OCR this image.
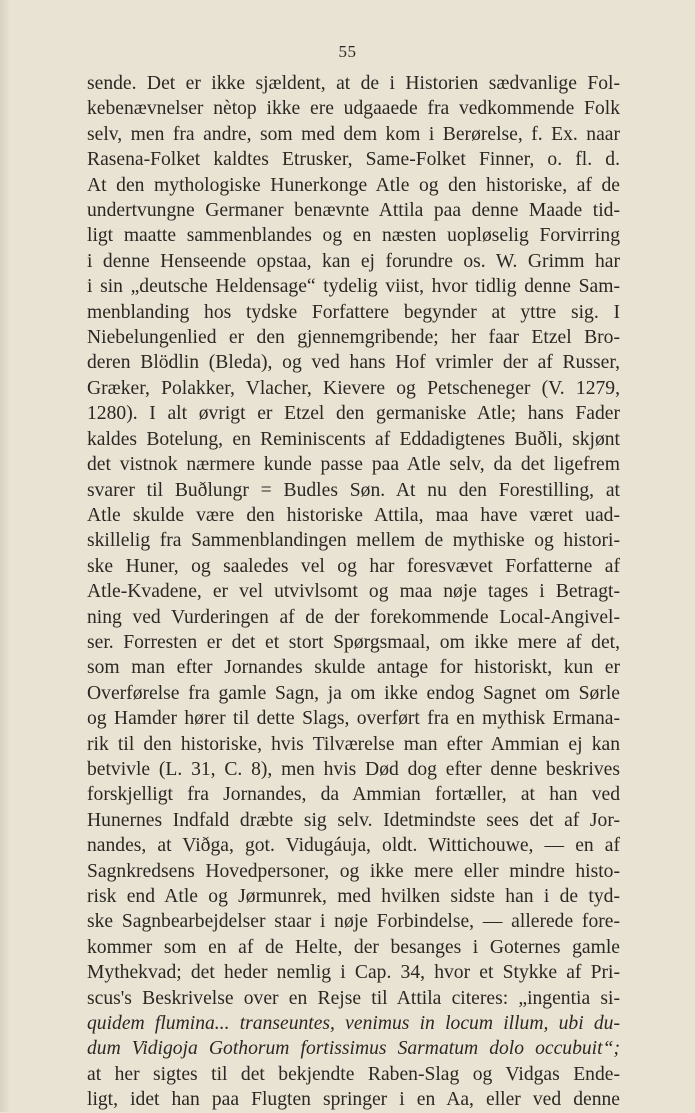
55
sende. Det er ikke sjældent, at de i Historien sædvanlige Fol-
kebenævnelser nètop ikke ere udgaaede fra vedkommende Folk
selv, men fra andre, som med dem kom i Berørelse, f. Ex. naar
Rasena-Folket kaldtes Etrusker, Same-Folket Finner, o. fl. d.
At den mythologiske Hunerkonge Atle og den historiske, af de
undertvungne Germaner benævnte Attila paa denne Maade tid-
ligt maatte sammenblandes og en næsten uopløselig Forvirring
i denne Henseende opstaa, kan ej forundre os. W. Grimm har
i sin „deutsche Heldensage“ tydelig viist, hvor tidlig denne Sam-
menblanding hos tydske Forfattere begynder at yttre sig. I
Niebelungenlied er den gjennemgribende; her faar Etzel Bro-
deren Blödlin (Bleda), og ved hans Hof vrimler der af Russer,
Græker, Polakker, Vlacher, Kievere og Petscheneger (V. 1279,
1280). I alt øvrigt er Etzel den germaniske Atle; hans Fader
kaldes Botelung, en Reminiscents af Eddadigtenes Buðli, skjønt
det vistnok nærmere kunde passe paa Atle selv, da det ligefrem
svarer til Buðlungr = Budles Søn. At nu den Forestilling, at
Atle skulde være den historiske Attila, maa have været uad-
skillelig fra Sammenblandingen mellem de mythiske og histori-
ske Huner, og saaledes vel og har foresvævet Forfatterne af
Atle-Kvadene, er vel utvivlsomt og maa nøje tages i Betragt-
ning ved Vurderingen af de der forekommende Local-Angivel-
ser. Forresten er det et stort Spørgsmaal, om ikke mere af det,
som man efter Jornandes skulde antage for historiskt, kun er
Overførelse fra gamle Sagn, ja om ikke endog Sagnet om Sørle
og Hamder hører til dette Slags, overført fra en mythisk Ermana-
rik til den historiske, hvis Tilværelse man efter Ammian ej kan
betvivle (L. 31, C. 8), men hvis Død dog efter denne beskrives
forskjelligt fra Jornandes, da Ammian fortæller, at han ved
Hunernes Indfald dræbte sig selv. Idetmindste sees det af Jor-
nandes, at Viðga, got. Vidugáuja, oldt. Wittichouwe, — en af
Sagnkredsens Hovedpersoner, og ikke mere eller mindre histo-
risk end Atle og Jørmunrek, med hvilken sidste han i de tyd-
ske Sagnbearbejdelser staar i nøje Forbindelse, — allerede fore-
kommer som en af de Helte, der besanges i Goternes gamle
Mythekvad; det heder nemlig i Cap. 34, hvor et Stykke af Pri-
scus's Beskrivelse over en Rejse til Attila citeres: „ingentia si-
quidem flumina... transeuntes, venimus in locum illum, ubi du-
dum Vidigoja Gothorum fortissimus Sarmatum dolo occubuit“;
at her sigtes til det bekjendte Raben-Slag og Vidgas Ende-
ligt, idet han paa Flugten springer i en Aa, eller ved denne
